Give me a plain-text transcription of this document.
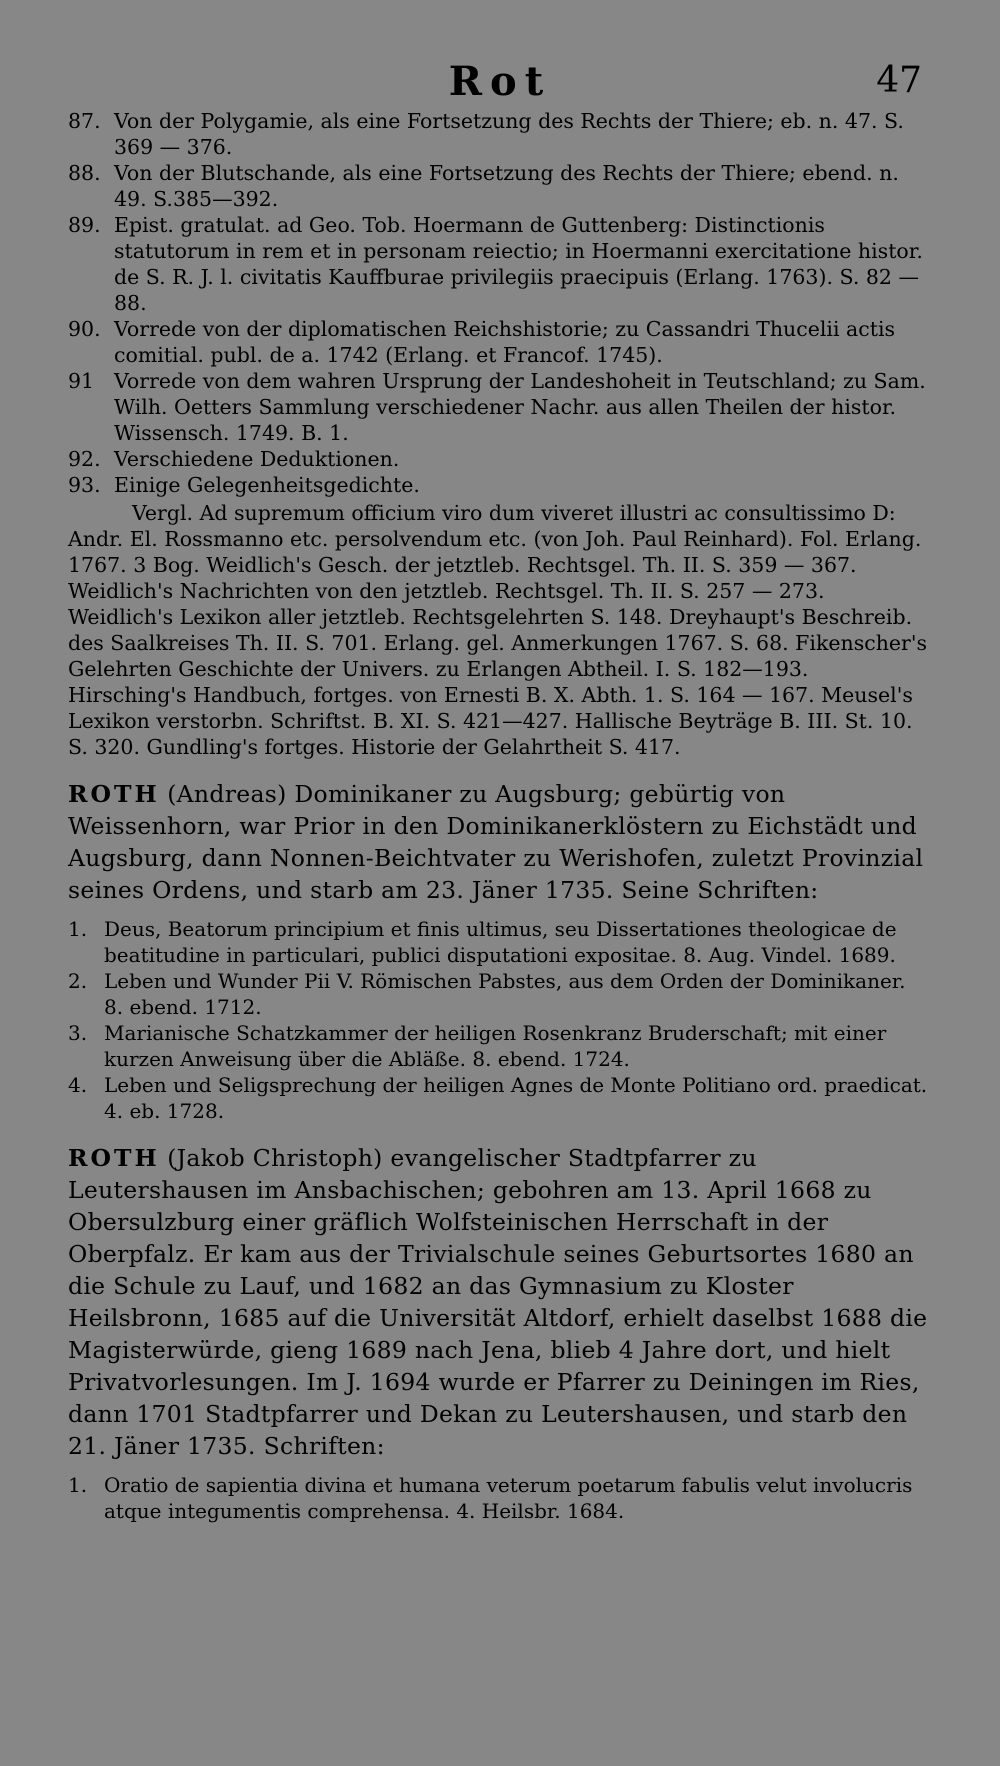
Rot	47
87. Von der Polygamie, als eine Fortsetzung des Rechts der Thiere; eb. n. 47. S. 369 — 376.
88. Von der Blutschande, als eine Fortsetzung des Rechts der Thiere; ebend. n. 49. S.385—392.
89. Epist. gratulat. ad Geo. Tob. Hoermann de Guttenberg: Distinctionis statutorum in rem et in personam reiectio; in Hoermanni exercitatione histor. de S. R. J. l. civitatis Kauffburae privilegiis praecipuis (Erlang. 1763). S. 82 — 88.
90. Vorrede von der diplomatischen Reichshistorie; zu Cassandri Thucelii actis comitial. publ. de a. 1742 (Erlang. et Francof. 1745).
91 Vorrede von dem wahren Ursprung der Landeshoheit in Teutschland; zu Sam. Wilh. Oetters Sammlung verschiedener Nachr. aus allen Theilen der histor. Wissensch. 1749. B. 1.
92. Verschiedene Deduktionen.
93. Einige Gelegenheitsgedichte.
Vergl. Ad supremum officium viro dum viveret illustri ac consultissimo D: Andr. El. Rossmanno etc. persolvendum etc. (von Joh. Paul Reinhard). Fol. Erlang. 1767. 3 Bog. Weidlich's Gesch. der jetztleb. Rechtsgel. Th. II. S. 359 — 367. Weidlich's Nachrichten von den jetztleb. Rechtsgel. Th. II. S. 257 — 273. Weidlich's Lexikon aller jetztleb. Rechtsgelehrten S. 148. Dreyhaupt's Beschreib. des Saalkreises Th. II. S. 701. Erlang. gel. Anmerkungen 1767. S. 68. Fikenscher's Gelehrten Geschichte der Univers. zu Erlangen Abtheil. I. S. 182—193. Hirsching's Handbuch, fortges. von Ernesti B. X. Abth. 1. S. 164 — 167. Meusel's Lexikon verstorbn. Schriftst. B. XI. S. 421—427. Hallische Beyträge B. III. St. 10. S. 320. Gundling's fortges. Historie der Gelahrtheit S. 417.
ROTH (Andreas) Dominikaner zu Augsburg; gebürtig von Weissenhorn, war Prior in den Dominikanerklöstern zu Eichstädt und Augsburg, dann Nonnen-Beichtvater zu Werishofen, zuletzt Provinzial seines Ordens, und starb am 23. Jäner 1735. Seine Schriften:
1. Deus, Beatorum principium et finis ultimus, seu Dissertationes theologicae de beatitudine in particulari, publici disputationi expositae. 8. Aug. Vindel. 1689.
2. Leben und Wunder Pii V. Römischen Pabstes, aus dem Orden der Dominikaner. 8. ebend. 1712.
3. Marianische Schatzkammer der heiligen Rosenkranz Bruderschaft; mit einer kurzen Anweisung über die Abläße. 8. ebend. 1724.
4. Leben und Seligsprechung der heiligen Agnes de Monte Politiano ord. praedicat. 4. eb. 1728.
ROTH (Jakob Christoph) evangelischer Stadtpfarrer zu Leutershausen im Ansbachischen; gebohren am 13. April 1668 zu Obersulzburg einer gräflich Wolfsteinischen Herrschaft in der Oberpfalz. Er kam aus der Trivialschule seines Geburtsortes 1680 an die Schule zu Lauf, und 1682 an das Gymnasium zu Kloster Heilsbronn, 1685 auf die Universität Altdorf, erhielt daselbst 1688 die Magisterwürde, gieng 1689 nach Jena, blieb 4 Jahre dort, und hielt Privatvorlesungen. Im J. 1694 wurde er Pfarrer zu Deiningen im Ries, dann 1701 Stadtpfarrer und Dekan zu Leutershausen, und starb den 21. Jäner 1735. Schriften:
1. Oratio de sapientia divina et humana veterum poetarum fabulis velut involucris atque integumentis comprehensa. 4. Heilsbr. 1684.
